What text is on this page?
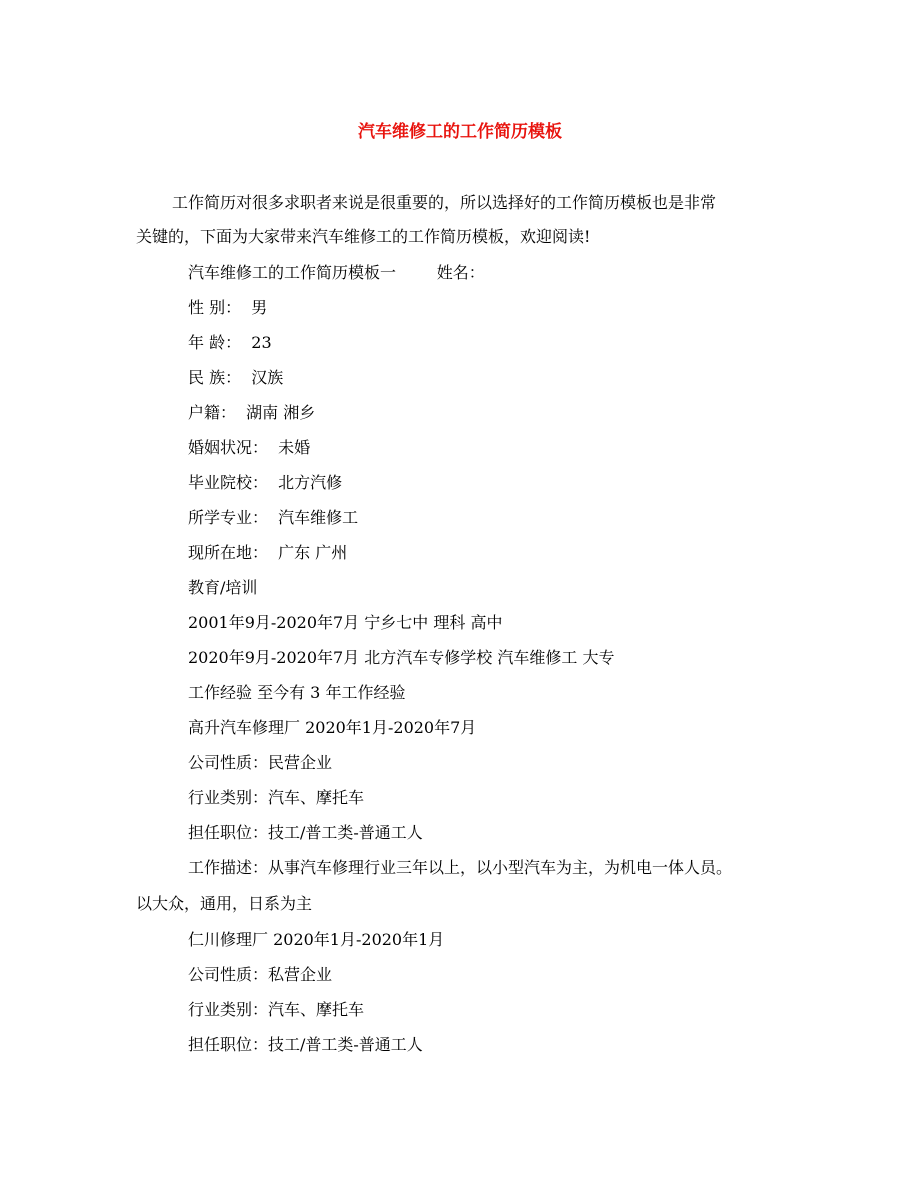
汽车维修工的工作简历模板
工作简历对很多求职者来说是很重要的，所以选择好的工作简历模板也是非常
关键的，下面为大家带来汽车维修工的工作简历模板，欢迎阅读!
汽车维修工的工作简历模板一        姓名：
性 别：  男
年 龄：  23
民 族：  汉族
户籍：  湖南 湘乡
婚姻状况：  未婚
毕业院校：  北方汽修
所学专业：  汽车维修工
现所在地：  广东 广州
教育/培训
2001年9月-2020年7月 宁乡七中 理科 高中
2020年9月-2020年7月 北方汽车专修学校 汽车维修工 大专
工作经验 至今有 3 年工作经验
高升汽车修理厂 2020年1月-2020年7月
公司性质：民营企业
行业类别：汽车、摩托车
担任职位：技工/普工类-普通工人
工作描述：从事汽车修理行业三年以上，以小型汽车为主，为机电一体人员。
以大众，通用，日系为主
仁川修理厂 2020年1月-2020年1月
公司性质：私营企业
行业类别：汽车、摩托车
担任职位：技工/普工类-普通工人
